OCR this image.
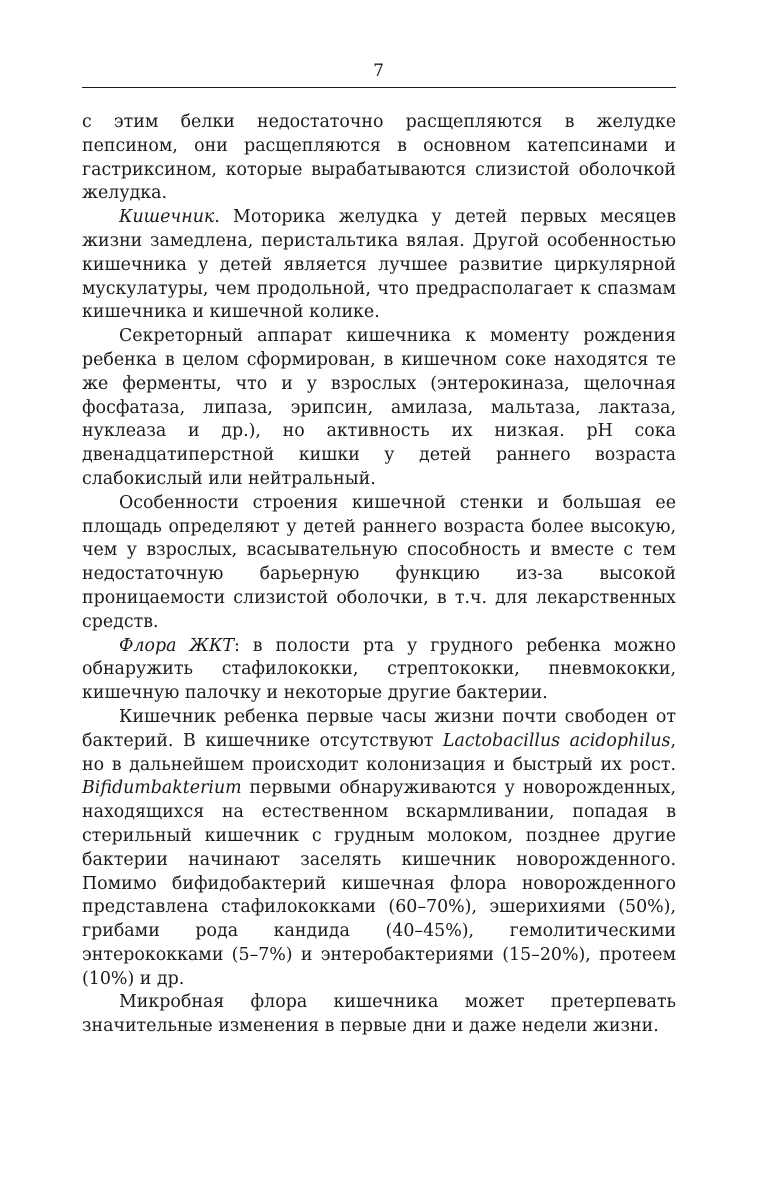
7

с этим белки недостаточно расщепляются в желудке пепсином, они расщепляются в основном катепсинами и гастриксином, которые вырабатываются слизистой оболочкой желудка.

Кишечник. Моторика желудка у детей первых месяцев жизни замедлена, перистальтика вялая. Другой особенностью кишечника у детей является лучшее развитие циркулярной мускулатуры, чем продольной, что предрасполагает к спазмам кишечника и кишечной колике.

Секреторный аппарат кишечника к моменту рождения ребенка в целом сформирован, в кишечном соке находятся те же ферменты, что и у взрослых (энтерокиназа, щелочная фосфатаза, липаза, эрипсин, амилаза, мальтаза, лактаза, нуклеаза и др.), но активность их низкая. pH сока двенадцатиперстной кишки у детей раннего возраста слабокислый или нейтральный.

Особенности строения кишечной стенки и большая ее площадь определяют у детей раннего возраста более высокую, чем у взрослых, всасывательную способность и вместе с тем недостаточную барьерную функцию из-за высокой проницаемости слизистой оболочки, в т.ч. для лекарственных средств.

Флора ЖКТ: в полости рта у грудного ребенка можно обнаружить стафилококки, стрептококки, пневмококки, кишечную палочку и некоторые другие бактерии.

Кишечник ребенка первые часы жизни почти свободен от бактерий. В кишечнике отсутствуют Lactobacillus acidophilus, но в дальнейшем происходит колонизация и быстрый их рост. Bifidumbakterium первыми обнаруживаются у новорожденных, находящихся на естественном вскармливании, попадая в стерильный кишечник с грудным молоком, позднее другие бактерии начинают заселять кишечник новорожденного. Помимо бифидобактерий кишечная флора новорожденного представлена стафилококками (60–70%), эшерихиями (50%), грибами рода кандида (40–45%), гемолитическими энтерококками (5–7%) и энтеробактериями (15–20%), протеем (10%) и др.

Микробная флора кишечника может претерпевать значительные изменения в первые дни и даже недели жизни.
